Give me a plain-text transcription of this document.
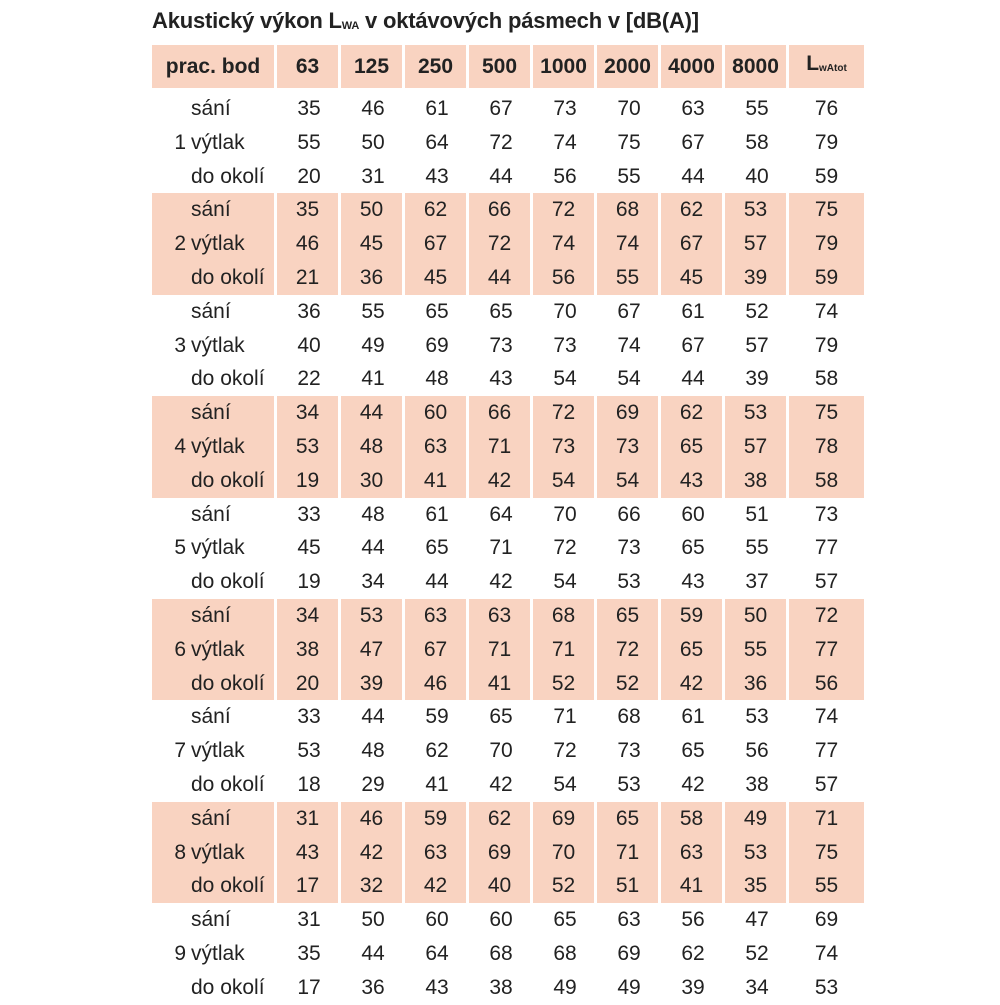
Akustický výkon $L_{WA}$ v oktávových pásmech v [dB(A)]
prac. bod		63	125	250	500	1000	2000	4000	8000	$L_{wAtot}$
	sání	35	46	61	67	73	70	63	55	76
1	výtlak	55	50	64	72	74	75	67	58	79
	do okolí	20	31	43	44	56	55	44	40	59
	sání	35	50	62	66	72	68	62	53	75
2	výtlak	46	45	67	72	74	74	67	57	79
	do okolí	21	36	45	44	56	55	45	39	59
	sání	36	55	65	65	70	67	61	52	74
3	výtlak	40	49	69	73	73	74	67	57	79
	do okolí	22	41	48	43	54	54	44	39	58
	sání	34	44	60	66	72	69	62	53	75
4	výtlak	53	48	63	71	73	73	65	57	78
	do okolí	19	30	41	42	54	54	43	38	58
	sání	33	48	61	64	70	66	60	51	73
5	výtlak	45	44	65	71	72	73	65	55	77
	do okolí	19	34	44	42	54	53	43	37	57
	sání	34	53	63	63	68	65	59	50	72
6	výtlak	38	47	67	71	71	72	65	55	77
	do okolí	20	39	46	41	52	52	42	36	56
	sání	33	44	59	65	71	68	61	53	74
7	výtlak	53	48	62	70	72	73	65	56	77
	do okolí	18	29	41	42	54	53	42	38	57
	sání	31	46	59	62	69	65	58	49	71
8	výtlak	43	42	63	69	70	71	63	53	75
	do okolí	17	32	42	40	52	51	41	35	55
	sání	31	50	60	60	65	63	56	47	69
9	výtlak	35	44	64	68	68	69	62	52	74
	do okolí	17	36	43	38	49	49	39	34	53
